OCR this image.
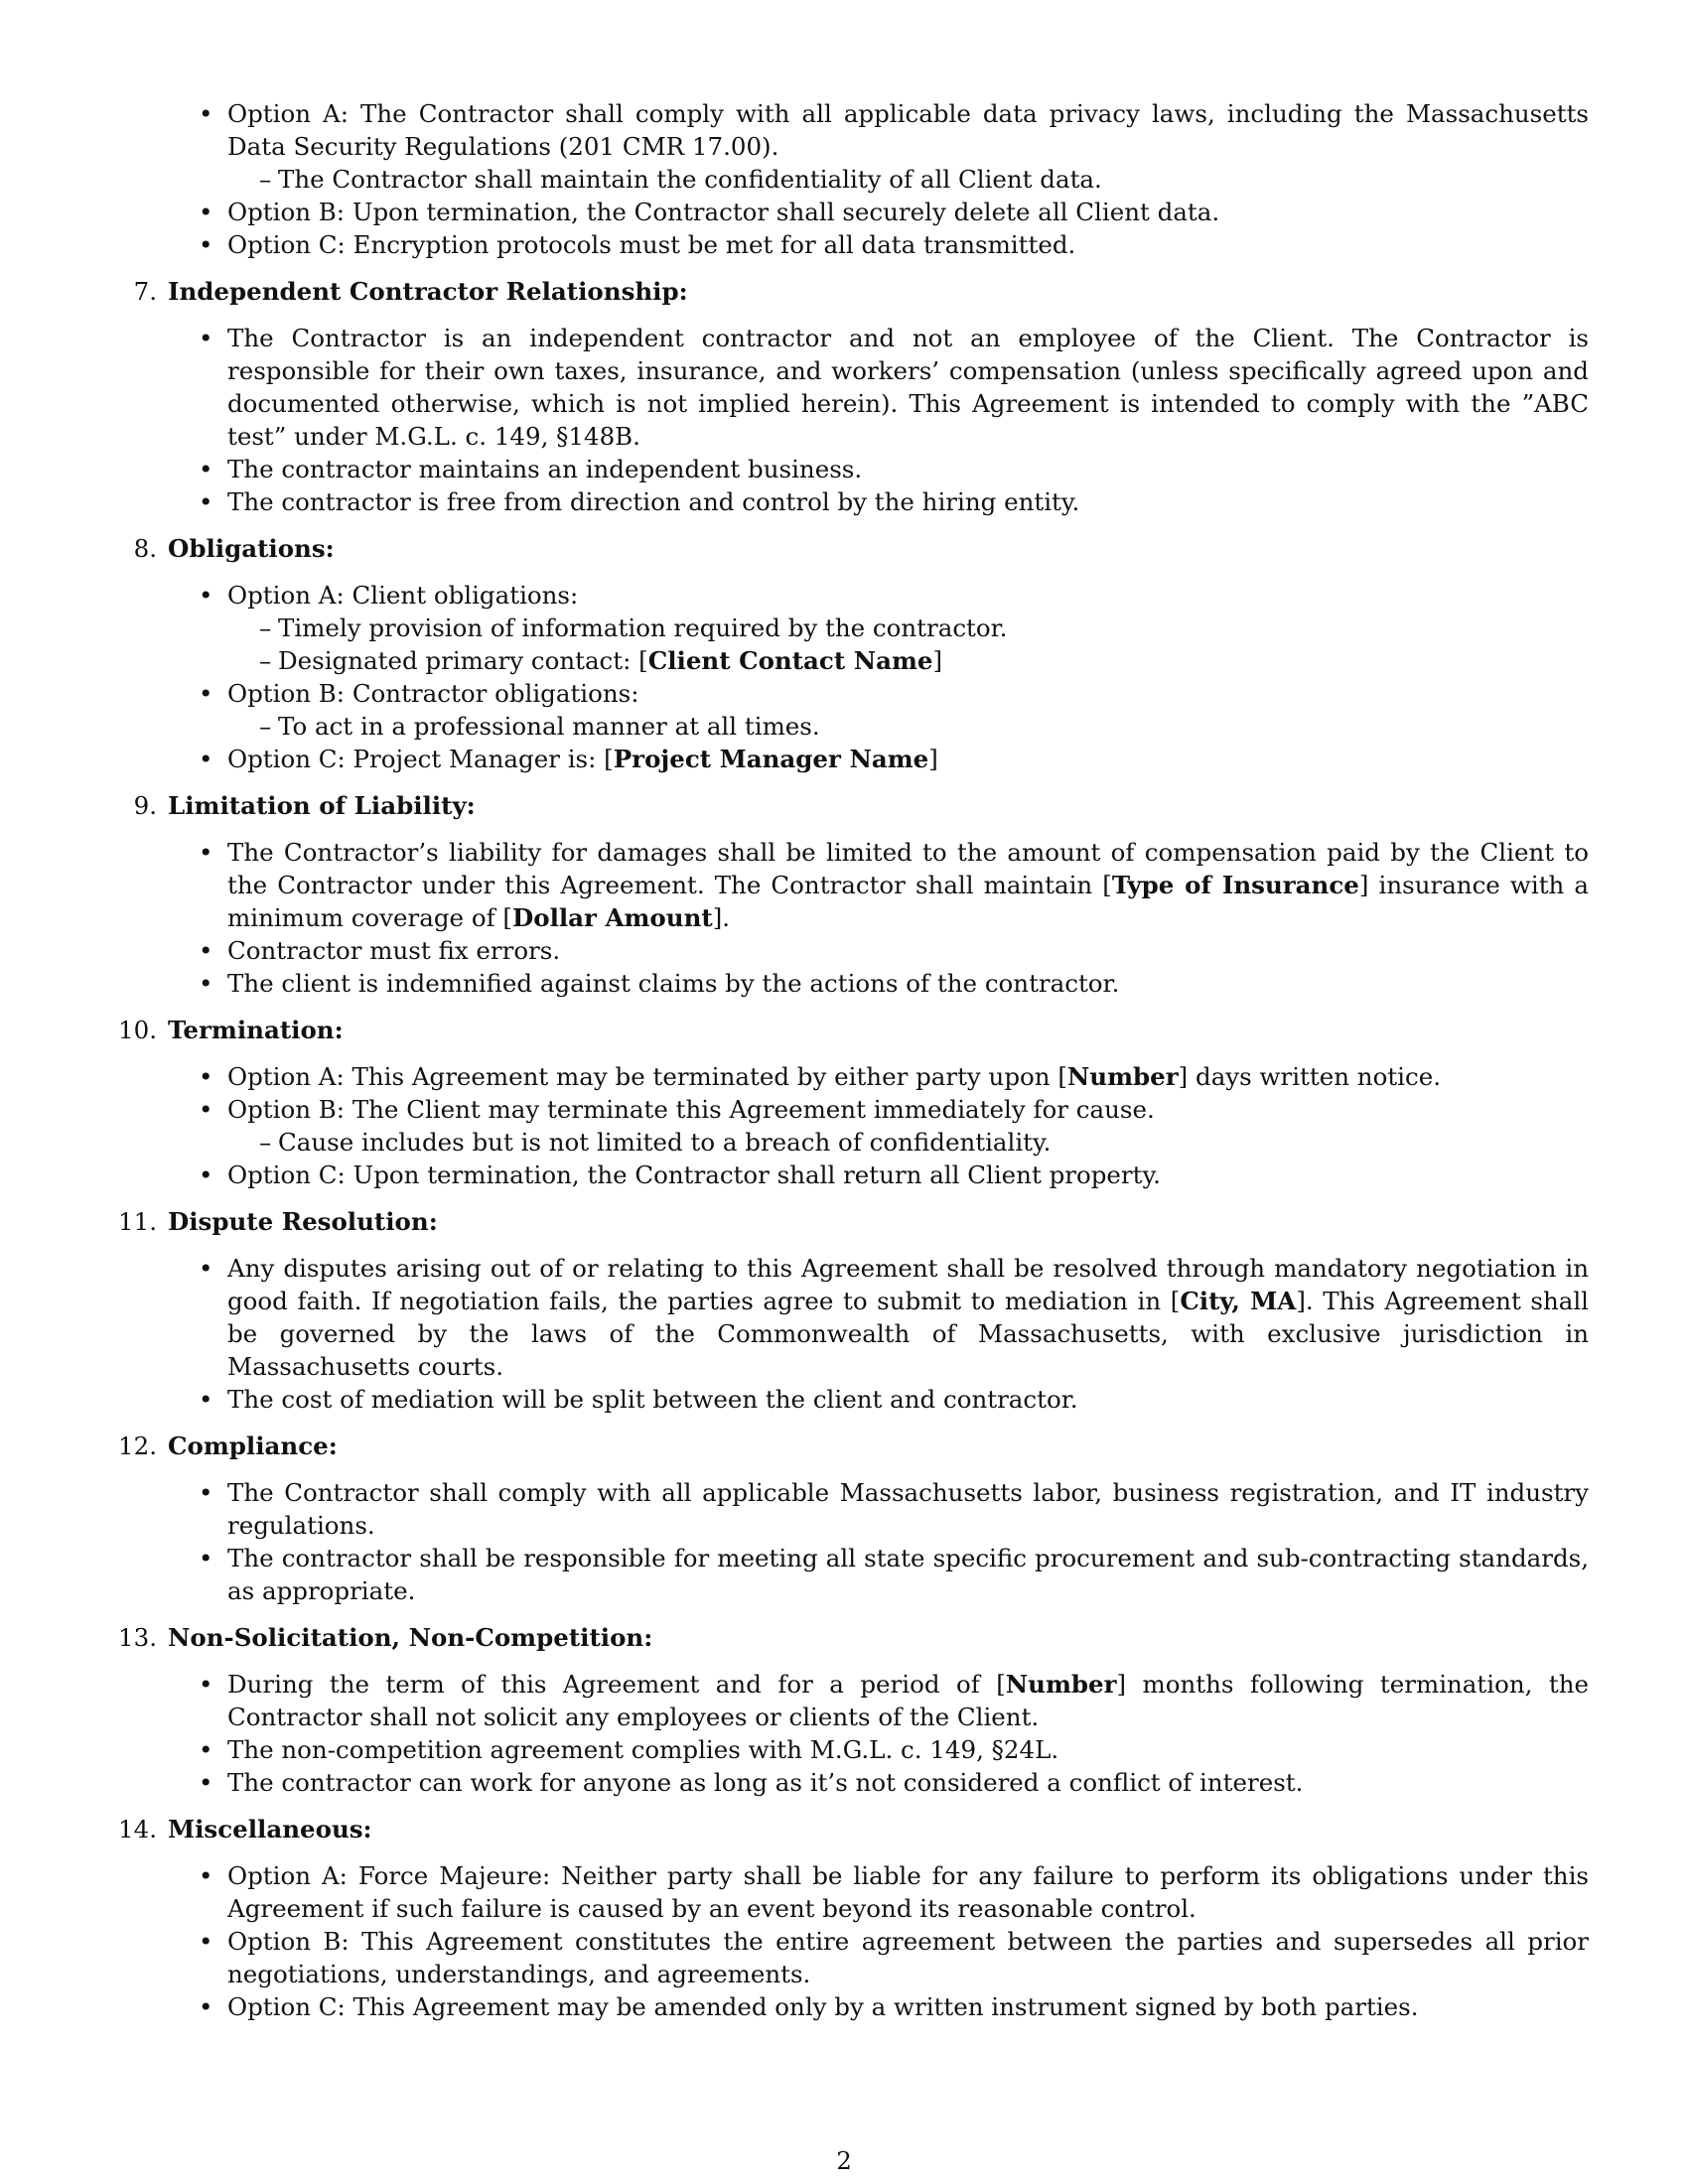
• Option A: The Contractor shall comply with all applicable data privacy laws, including the Massachusetts Data Security Regulations (201 CMR 17.00).

– The Contractor shall maintain the confidentiality of all Client data.

• Option B: Upon termination, the Contractor shall securely delete all Client data.

• Option C: Encryption protocols must be met for all data transmitted.

7. Independent Contractor Relationship:

• The Contractor is an independent contractor and not an employee of the Client. The Contractor is responsible for their own taxes, insurance, and workers’ compensation (unless specifically agreed upon and documented otherwise, which is not implied herein). This Agreement is intended to comply with the ”ABC test” under M.G.L. c. 149, §148B.

• The contractor maintains an independent business.

• The contractor is free from direction and control by the hiring entity.

8. Obligations:

• Option A: Client obligations:

– Timely provision of information required by the contractor.

– Designated primary contact: [Client Contact Name]

• Option B: Contractor obligations:

– To act in a professional manner at all times.

• Option C: Project Manager is: [Project Manager Name]

9. Limitation of Liability:

• The Contractor’s liability for damages shall be limited to the amount of compensation paid by the Client to the Contractor under this Agreement. The Contractor shall maintain [Type of Insurance] insurance with a minimum coverage of [Dollar Amount].

• Contractor must fix errors.

• The client is indemnified against claims by the actions of the contractor.

10. Termination:

• Option A: This Agreement may be terminated by either party upon [Number] days written notice.

• Option B: The Client may terminate this Agreement immediately for cause.

– Cause includes but is not limited to a breach of confidentiality.

• Option C: Upon termination, the Contractor shall return all Client property.

11. Dispute Resolution:

• Any disputes arising out of or relating to this Agreement shall be resolved through mandatory negotiation in good faith. If negotiation fails, the parties agree to submit to mediation in [City, MA]. This Agreement shall be governed by the laws of the Commonwealth of Massachusetts, with exclusive jurisdiction in Massachusetts courts.

• The cost of mediation will be split between the client and contractor.

12. Compliance:

• The Contractor shall comply with all applicable Massachusetts labor, business registration, and IT industry regulations.

• The contractor shall be responsible for meeting all state specific procurement and sub-contracting standards, as appropriate.

13. Non-Solicitation, Non-Competition:

• During the term of this Agreement and for a period of [Number] months following termination, the Contractor shall not solicit any employees or clients of the Client.

• The non-competition agreement complies with M.G.L. c. 149, §24L.

• The contractor can work for anyone as long as it’s not considered a conflict of interest.

14. Miscellaneous:

• Option A: Force Majeure: Neither party shall be liable for any failure to perform its obligations under this Agreement if such failure is caused by an event beyond its reasonable control.

• Option B: This Agreement constitutes the entire agreement between the parties and supersedes all prior negotiations, understandings, and agreements.

• Option C: This Agreement may be amended only by a written instrument signed by both parties.

2
